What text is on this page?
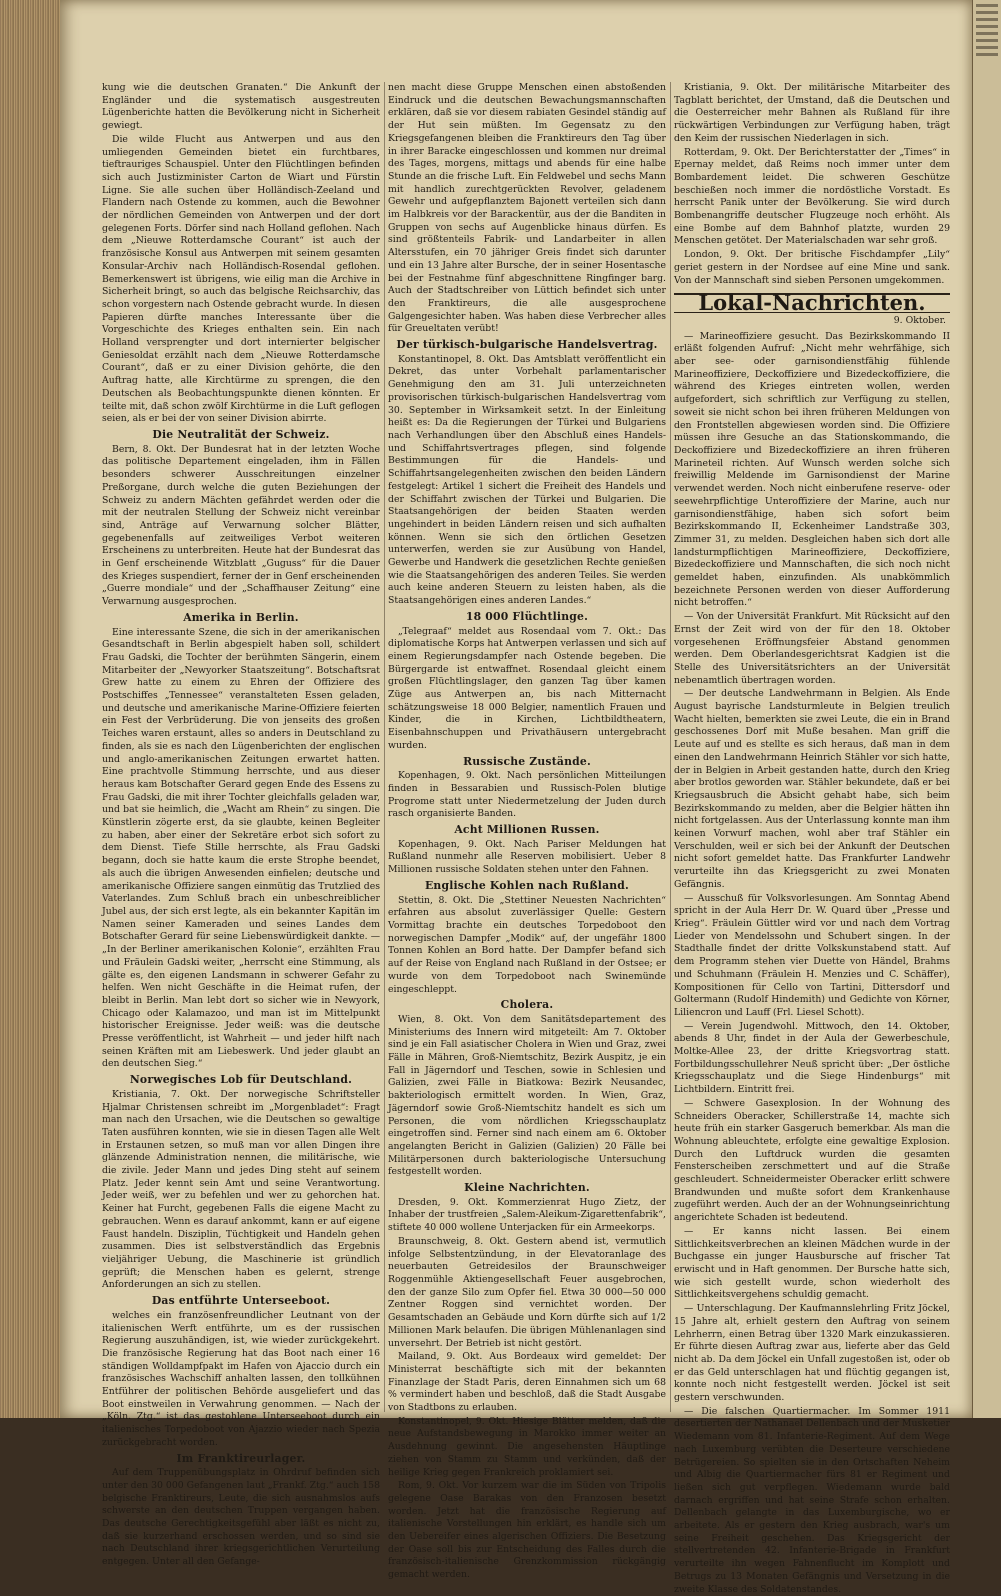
kung wie die deutschen Granaten.“ Die Ankunft der Engländer und die systematisch ausgestreuten Lügenberichte hatten die Bevölkerung nicht in Sicherheit gewiegt.

Die wilde Flucht aus Antwerpen und aus den umliegenden Gemeinden bietet ein furchtbares, tieftrauriges Schauspiel. Unter den Flüchtlingen befinden sich auch Justizminister Carton de Wiart und Fürstin Ligne. Sie alle suchen über Holländisch-Zeeland und Flandern nach Ostende zu kommen, auch die Bewohner der nördlichen Gemeinden von Antwerpen und der dort gelegenen Forts. Dörfer sind nach Holland geflohen. Nach dem „Nieuwe Rotterdamsche Courant“ ist auch der französische Konsul aus Antwerpen mit seinem gesamten Konsular-Archiv nach Holländisch-Rosendal geflohen. Bemerkenswert ist übrigens, wie eilig man die Archive in Sicherheit bringt, so auch das belgische Reichsarchiv, das schon vorgestern nach Ostende gebracht wurde. In diesen Papieren dürfte manches Interessante über die Vorgeschichte des Krieges enthalten sein. Ein nach Holland versprengter und dort internierter belgischer Geniesoldat erzählt nach dem „Nieuwe Rotterdamsche Courant“, daß er zu einer Division gehörte, die den Auftrag hatte, alle Kirchtürme zu sprengen, die den Deutschen als Beobachtungspunkte dienen könnten. Er teilte mit, daß schon zwölf Kirchtürme in die Luft geflogen seien, als er bei der von seiner Division abirrte.

Die Neutralität der Schweiz.

Bern, 8. Okt. Der Bundesrat hat in der letzten Woche das politische Departement eingeladen, ihm in Fällen besonders schwerer Ausschreitungen einzelner Preßorgane, durch welche die guten Beziehungen der Schweiz zu andern Mächten gefährdet werden oder die mit der neutralen Stellung der Schweiz nicht vereinbar sind, Anträge auf Verwarnung solcher Blätter, gegebenenfalls auf zeitweiliges Verbot weiteren Erscheinens zu unterbreiten. Heute hat der Bundesrat das in Genf erscheinende Witzblatt „Guguss“ für die Dauer des Krieges suspendiert, ferner der in Genf erscheinenden „Guerre mondiale“ und der „Schaffhauser Zeitung“ eine Verwarnung ausgesprochen.

Amerika in Berlin.

Eine interessante Szene, die sich in der amerikanischen Gesandtschaft in Berlin abgespielt haben soll, schildert Frau Gadski, die Tochter der berühmten Sängerin, einem Mitarbeiter der „Newyorker Staatszeitung“. Botschaftsrat Grew hatte zu einem zu Ehren der Offiziere des Postschiffes „Tennessee“ veranstalteten Essen geladen, und deutsche und amerikanische Marine-Offiziere feierten ein Fest der Verbrüderung. Die von jenseits des großen Teiches waren erstaunt, alles so anders in Deutschland zu finden, als sie es nach den Lügenberichten der englischen und anglo-amerikanischen Zeitungen erwartet hatten. Eine prachtvolle Stimmung herrschte, und aus dieser heraus kam Botschafter Gerard gegen Ende des Essens zu Frau Gadski, die mit ihrer Tochter gleichfalls geladen war, und bat sie heimlich, die „Wacht am Rhein“ zu singen. Die Künstlerin zögerte erst, da sie glaubte, keinen Begleiter zu haben, aber einer der Sekretäre erbot sich sofort zu dem Dienst. Tiefe Stille herrschte, als Frau Gadski begann, doch sie hatte kaum die erste Strophe beendet, als auch die übrigen Anwesenden einfielen; deutsche und amerikanische Offiziere sangen einmütig das Trutzlied des Vaterlandes. Zum Schluß brach ein unbeschreiblicher Jubel aus, der sich erst legte, als ein bekannter Kapitän im Namen seiner Kameraden und seines Landes dem Botschafter Gerard für seine Liebenswürdigkeit dankte. — „In der Berliner amerikanischen Kolonie“, erzählten Frau und Fräulein Gadski weiter, „herrscht eine Stimmung, als gälte es, den eigenen Landsmann in schwerer Gefahr zu helfen. Wen nicht Geschäfte in die Heimat rufen, der bleibt in Berlin. Man lebt dort so sicher wie in Newyork, Chicago oder Kalamazoo, und man ist im Mittelpunkt historischer Ereignisse. Jeder weiß: was die deutsche Presse veröffentlicht, ist Wahrheit — und jeder hilft nach seinen Kräften mit am Liebeswerk. Und jeder glaubt an den deutschen Sieg.“

Norwegisches Lob für Deutschland.

Kristiania, 7. Okt. Der norwegische Schriftsteller Hjalmar Christensen schreibt im „Morgenbladet“: Fragt man nach den Ursachen, wie die Deutschen so gewaltige Taten ausführen konnten, wie sie in diesen Tagen alle Welt in Erstaunen setzen, so muß man vor allen Dingen ihre glänzende Administration nennen, die militärische, wie die zivile. Jeder Mann und jedes Ding steht auf seinem Platz. Jeder kennt sein Amt und seine Verantwortung. Jeder weiß, wer zu befehlen und wer zu gehorchen hat. Keiner hat Furcht, gegebenen Falls die eigene Macht zu gebrauchen. Wenn es darauf ankommt, kann er auf eigene Faust handeln. Disziplin, Tüchtigkeit und Handeln gehen zusammen. Dies ist selbstverständlich das Ergebnis vieljähriger Uebung, die Maschinerie ist gründlich geprüft; die Menschen haben es gelernt, strenge Anforderungen an sich zu stellen.

Das entführte Unterseeboot.

welches ein französenfreundlicher Leutnant von der italienischen Werft entführte, um es der russischen Regierung auszuhändigen, ist, wie wieder zurückgekehrt. Die französische Regierung hat das Boot nach einer 16 ständigen Wolldampfpakt im Hafen von Ajaccio durch ein französisches Wachschiff anhalten lassen, den tollkühnen Entführer der politischen Behörde ausgeliefert und das Boot einstweilen in Verwahrung genommen. — Nach der „Köln. Ztg.“ ist das gestohlene Unterseeboot durch ein italienisches Torpedoboot von Ajazzio wieder nach Spezia zurückgebracht worden.

Im Franktireurlager.

Auf dem Truppenübungsplatz in Ohrdruf befinden sich unter den 30 000 Gefangenen laut „Frankf. Ztg.“ auch 158 belgische Franktireurs, Leute, die sich ausnahmslos aufs schwerste an den deutschen Truppen vergangen haben. Das deutsche Gerechtigkeitsgefühl aber läßt es nicht zu, daß sie kurzerhand erschossen werden, und so sind sie nach Deutschland ihrer kriegsgerichtlichen Verurteilung entgegen. Unter all den Gefange-

nen macht diese Gruppe Menschen einen abstoßenden Eindruck und die deutschen Bewachungsmannschaften erklären, daß sie vor diesem rabiaten Gesindel ständig auf der Hut sein müßten. Im Gegensatz zu den Kriegsgefangenen bleiben die Franktireurs den Tag über in ihrer Baracke eingeschlossen und kommen nur dreimal des Tages, morgens, mittags und abends für eine halbe Stunde an die frische Luft. Ein Feldwebel und sechs Mann mit handlich zurechtgerückten Revolver, geladenem Gewehr und aufgepflanztem Bajonett verteilen sich dann im Halbkreis vor der Barackentür, aus der die Banditen in Gruppen von sechs auf Augenblicke hinaus dürfen. Es sind größtenteils Fabrik- und Landarbeiter in allen Altersstufen, ein 70 jähriger Greis findet sich darunter und ein 13 Jahre alter Bursche, der in seiner Hosentasche bei der Festnahme fünf abgeschnittene Ringfinger barg. Auch der Stadtschreiber von Lüttich befindet sich unter den Franktireurs, die alle ausgesprochene Galgengesichter haben. Was haben diese Verbrecher alles für Greueltaten verübt!

Der türkisch-bulgarische Handelsvertrag.

Konstantinopel, 8. Okt. Das Amtsblatt veröffentlicht ein Dekret, das unter Vorbehalt parlamentarischer Genehmigung den am 31. Juli unterzeichneten provisorischen türkisch-bulgarischen Handelsvertrag vom 30. September in Wirksamkeit setzt. In der Einleitung heißt es: Da die Regierungen der Türkei und Bulgariens nach Verhandlungen über den Abschluß eines Handels- und Schiffahrtsvertrages pflegen, sind folgende Bestimmungen für die Handels- und Schiffahrtsangelegenheiten zwischen den beiden Ländern festgelegt: Artikel 1 sichert die Freiheit des Handels und der Schiffahrt zwischen der Türkei und Bulgarien. Die Staatsangehörigen der beiden Staaten werden ungehindert in beiden Ländern reisen und sich aufhalten können. Wenn sie sich den örtlichen Gesetzen unterwerfen, werden sie zur Ausübung von Handel, Gewerbe und Handwerk die gesetzlichen Rechte genießen wie die Staatsangehörigen des anderen Teiles. Sie werden auch keine anderen Steuern zu leisten haben, als die Staatsangehörigen eines anderen Landes.“

18 000 Flüchtlinge.

„Telegraaf“ meldet aus Rosendaal vom 7. Okt.: Das diplomatische Korps hat Antwerpen verlassen und sich auf einem Regierungsdampfer nach Ostende begeben. Die Bürgergarde ist entwaffnet. Rosendaal gleicht einem großen Flüchtlingslager, den ganzen Tag über kamen Züge aus Antwerpen an, bis nach Mitternacht schätzungsweise 18 000 Belgier, namentlich Frauen und Kinder, die in Kirchen, Lichtbildtheatern, Eisenbahnschuppen und Privathäusern untergebracht wurden.

Russische Zustände.

Kopenhagen, 9. Okt. Nach persönlichen Mitteilungen finden in Bessarabien und Russisch-Polen blutige Progrome statt unter Niedermetzelung der Juden durch rasch organisierte Banden.

Acht Millionen Russen.

Kopenhagen, 9. Okt. Nach Pariser Meldungen hat Rußland nunmehr alle Reserven mobilisiert. Ueber 8 Millionen russische Soldaten stehen unter den Fahnen.

Englische Kohlen nach Rußland.

Stettin, 8. Okt. Die „Stettiner Neuesten Nachrichten“ erfahren aus absolut zuverlässiger Quelle: Gestern Vormittag brachte ein deutsches Torpedoboot den norwegischen Dampfer „Modik“ auf, der ungefähr 1800 Tonnen Kohlen an Bord hatte. Der Dampfer befand sich auf der Reise von England nach Rußland in der Ostsee; er wurde von dem Torpedoboot nach Swinemünde eingeschleppt.

Cholera.

Wien, 8. Okt. Von dem Sanitätsdepartement des Ministeriums des Innern wird mitgeteilt: Am 7. Oktober sind je ein Fall asiatischer Cholera in Wien und Graz, zwei Fälle in Mähren, Groß-Niemtschitz, Bezirk Auspitz, je ein Fall in Jägerndorf und Teschen, sowie in Schlesien und Galizien, zwei Fälle in Biatkowa: Bezirk Neusandec, bakteriologisch ermittelt worden. In Wien, Graz, Jägerndorf sowie Groß-Niemtschitz handelt es sich um Personen, die vom nördlichen Kriegsschauplatz eingetroffen sind. Ferner sind nach einem am 6. Oktober angelangten Bericht in Galizien (Galizien) 20 Fälle bei Militärpersonen durch bakteriologische Untersuchung festgestellt worden.

Kleine Nachrichten.

Dresden, 9. Okt. Kommerzienrat Hugo Zietz, der Inhaber der trustfreien „Salem-Aleikum-Zigarettenfabrik“, stiftete 40 000 wollene Unterjacken für ein Armeekorps.

Braunschweig, 8. Okt. Gestern abend ist, vermutlich infolge Selbstentzündung, in der Elevatoranlage des neuerbauten Getreidesilos der Braunschweiger Roggenmühle Aktiengesellschaft Feuer ausgebrochen, den der ganze Silo zum Opfer fiel. Etwa 30 000—50 000 Zentner Roggen sind vernichtet worden. Der Gesamtschaden an Gebäude und Korn dürfte sich auf 1/2 Millionen Mark belaufen. Die übrigen Mühlenanlagen sind unversehrt. Der Betrieb ist nicht gestört.

Mailand, 9. Okt. Aus Bordeaux wird gemeldet: Der Ministerrat beschäftigte sich mit der bekannten Finanzlage der Stadt Paris, deren Einnahmen sich um 68 % vermindert haben und beschloß, daß die Stadt Ausgabe von Stadtbons zu erlauben.

Konstantinopel, 9. Okt. Hiesige Blätter melden, daß die neue Aufstandsbewegung in Marokko immer weiter an Ausdehnung gewinnt. Die angesehensten Häuptlinge ziehen von Stamm zu Stamm und verkünden, daß der heilige Krieg gegen Frankreich proklamiert sei.

Rom, 9. Okt. Vor kurzem war die im Süden von Tripolis gelegene Oase Barakas von den Franzosen besetzt worden. Jetzt hat die französische Regierung auf italienische Vorstellungen hin erklärt, es handle sich um den Uebereifer eines algerischen Offiziers. Die Besetzung der Oase soll bis zur Entscheidung des Falles durch die französisch-italienische Grenzkommission rückgängig gemacht werden.

Kristiania, 9. Okt. Der militärische Mitarbeiter des Tagblatt berichtet, der Umstand, daß die Deutschen und die Oesterreicher mehr Bahnen als Rußland für ihre rückwärtigen Verbindungen zur Verfügung haben, trägt den Keim der russischen Niederlagen in sich.

Rotterdam, 9. Okt. Der Berichterstatter der „Times“ in Epernay meldet, daß Reims noch immer unter dem Bombardement leidet. Die schweren Geschütze beschießen noch immer die nordöstliche Vorstadt. Es herrscht Panik unter der Bevölkerung. Sie wird durch Bombenangriffe deutscher Flugzeuge noch erhöht. Als eine Bombe auf dem Bahnhof platzte, wurden 29 Menschen getötet. Der Materialschaden war sehr groß.

London, 9. Okt. Der britische Fischdampfer „Lily“ geriet gestern in der Nordsee auf eine Mine und sank. Von der Mannschaft sind sieben Personen umgekommen.

Lokal-Nachrichten.
9. Oktober.

— Marineoffiziere gesucht. Das Bezirkskommando II erläßt folgenden Aufruf: „Nicht mehr wehrfähige, sich aber see- oder garnisondienstfähig fühlende Marineoffiziere, Deckoffiziere und Bizedeckoffiziere, die während des Krieges eintreten wollen, werden aufgefordert, sich schriftlich zur Verfügung zu stellen, soweit sie nicht schon bei ihren früheren Meldungen von den Frontstellen abgewiesen worden sind. Die Offiziere müssen ihre Gesuche an das Stationskommando, die Deckoffiziere und Bizedeckoffiziere an ihren früheren Marineteil richten. Auf Wunsch werden solche sich freiwillig Meldende im Garnisondienst der Marine verwendet werden. Noch nicht einberufene reserve- oder seewehrpflichtige Unteroffiziere der Marine, auch nur garnisondienstfähige, haben sich sofort beim Bezirkskommando II, Eckenheimer Landstraße 303, Zimmer 31, zu melden. Desgleichen haben sich dort alle landsturmpflichtigen Marineoffiziere, Deckoffiziere, Bizedeckoffiziere und Mannschaften, die sich noch nicht gemeldet haben, einzufinden. Als unabkömmlich bezeichnete Personen werden von dieser Aufforderung nicht betroffen.“

— Von der Universität Frankfurt. Mit Rücksicht auf den Ernst der Zeit wird von der für den 18. Oktober vorgesehenen Eröffnungsfeier Abstand genommen werden. Dem Oberlandesgerichtsrat Kadgien ist die Stelle des Universitätsrichters an der Universität nebenamtlich übertragen worden.

— Der deutsche Landwehrmann in Belgien. Als Ende August bayrische Landsturmleute in Belgien treulich Wacht hielten, bemerkten sie zwei Leute, die ein in Brand geschossenes Dorf mit Muße besahen. Man griff die Leute auf und es stellte es sich heraus, daß man in dem einen den Landwehrmann Heinrich Stähler vor sich hatte, der in Belgien in Arbeit gestanden hatte, durch den Krieg aber brotlos geworden war. Stähler bekundete, daß er bei Kriegsausbruch die Absicht gehabt habe, sich beim Bezirkskommando zu melden, aber die Belgier hätten ihn nicht fortgelassen. Aus der Unterlassung konnte man ihm keinen Vorwurf machen, wohl aber traf Stähler ein Verschulden, weil er sich bei der Ankunft der Deutschen nicht sofort gemeldet hatte. Das Frankfurter Landwehr verurteilte ihn das Kriegsgericht zu zwei Monaten Gefängnis.

— Ausschuß für Volksvorlesungen. Am Sonntag Abend spricht in der Aula Herr Dr. W. Quard über „Presse und Krieg“. Fräulein Güttler wird vor und nach dem Vortrag Lieder von Mendelssohn und Schubert singen. In der Stadthalle findet der dritte Volkskunstabend statt. Auf dem Programm stehen vier Duette von Händel, Brahms und Schuhmann (Fräulein H. Menzies und C. Schäffer), Kompositionen für Cello von Tartini, Dittersdorf und Goltermann (Rudolf Hindemith) und Gedichte von Körner, Liliencron und Lauff (Frl. Liesel Schott).

— Verein Jugendwohl. Mittwoch, den 14. Oktober, abends 8 Uhr, findet in der Aula der Gewerbeschule, Moltke-Allee 23, der dritte Kriegsvortrag statt. Fortbildungsschullehrer Neuß spricht über: „Der östliche Kriegsschauplatz und die Siege Hindenburgs“ mit Lichtbildern. Eintritt frei.

— Schwere Gasexplosion. In der Wohnung des Schneiders Oberacker, Schillerstraße 14, machte sich heute früh ein starker Gasgeruch bemerkbar. Als man die Wohnung ableuchtete, erfolgte eine gewaltige Explosion. Durch den Luftdruck wurden die gesamten Fensterscheiben zerschmettert und auf die Straße geschleudert. Schneidermeister Oberacker erlitt schwere Brandwunden und mußte sofort dem Krankenhause zugeführt werden. Auch der an der Wohnungseinrichtung angerichtete Schaden ist bedeutend.

— Er kanns nicht lassen. Bei einem Sittlichkeitsverbrechen an kleinen Mädchen wurde in der Buchgasse ein junger Hausbursche auf frischer Tat erwischt und in Haft genommen. Der Bursche hatte sich, wie sich gestellt wurde, schon wiederholt des Sittlichkeitsvergehens schuldig gemacht.

— Unterschlagung. Der Kaufmannslehrling Fritz Jöckel, 15 Jahre alt, erhielt gestern den Auftrag von seinem Lehrherrn, einen Betrag über 1320 Mark einzukassieren. Er führte diesen Auftrag zwar aus, lieferte aber das Geld nicht ab. Da dem Jöckel ein Unfall zugestoßen ist, oder ob er das Geld unterschlagen hat und flüchtig gegangen ist, konnte noch nicht festgestellt werden. Jöckel ist seit gestern verschwunden.

— Die falschen Quartiermacher. Im Sommer 1911 desertierten der Nathanael Dellenbach und der Musketier Wiedemann vom 81. Infanterie-Regiment. Auf dem Wege nach Luxemburg verübten die Deserteure verschiedene Betrügereien. So spielten sie in den Ortschaften Neheim und Albig die Quartiermacher fürs 81 er Regiment und ließen sich gut verpflegen. Wiedemann wurde bald darnach ergriffen und hat seine Strafe schon erhalten. Dellenbach gelangte in das Luxemburgische, wo er arbeitete. Als er gestern den Krieg ausbrach, war's um seine Freiheit geschehen. Das Kriegsgericht der stellvertretenden 42. Infanterie-Brigade in Frankfurt verurteilte ihn wegen Fahnenflucht im Komplott und Betrugs zu 13 Monaten Gefängnis und Versetzung in die zweite Klasse des Soldatenstandes.
